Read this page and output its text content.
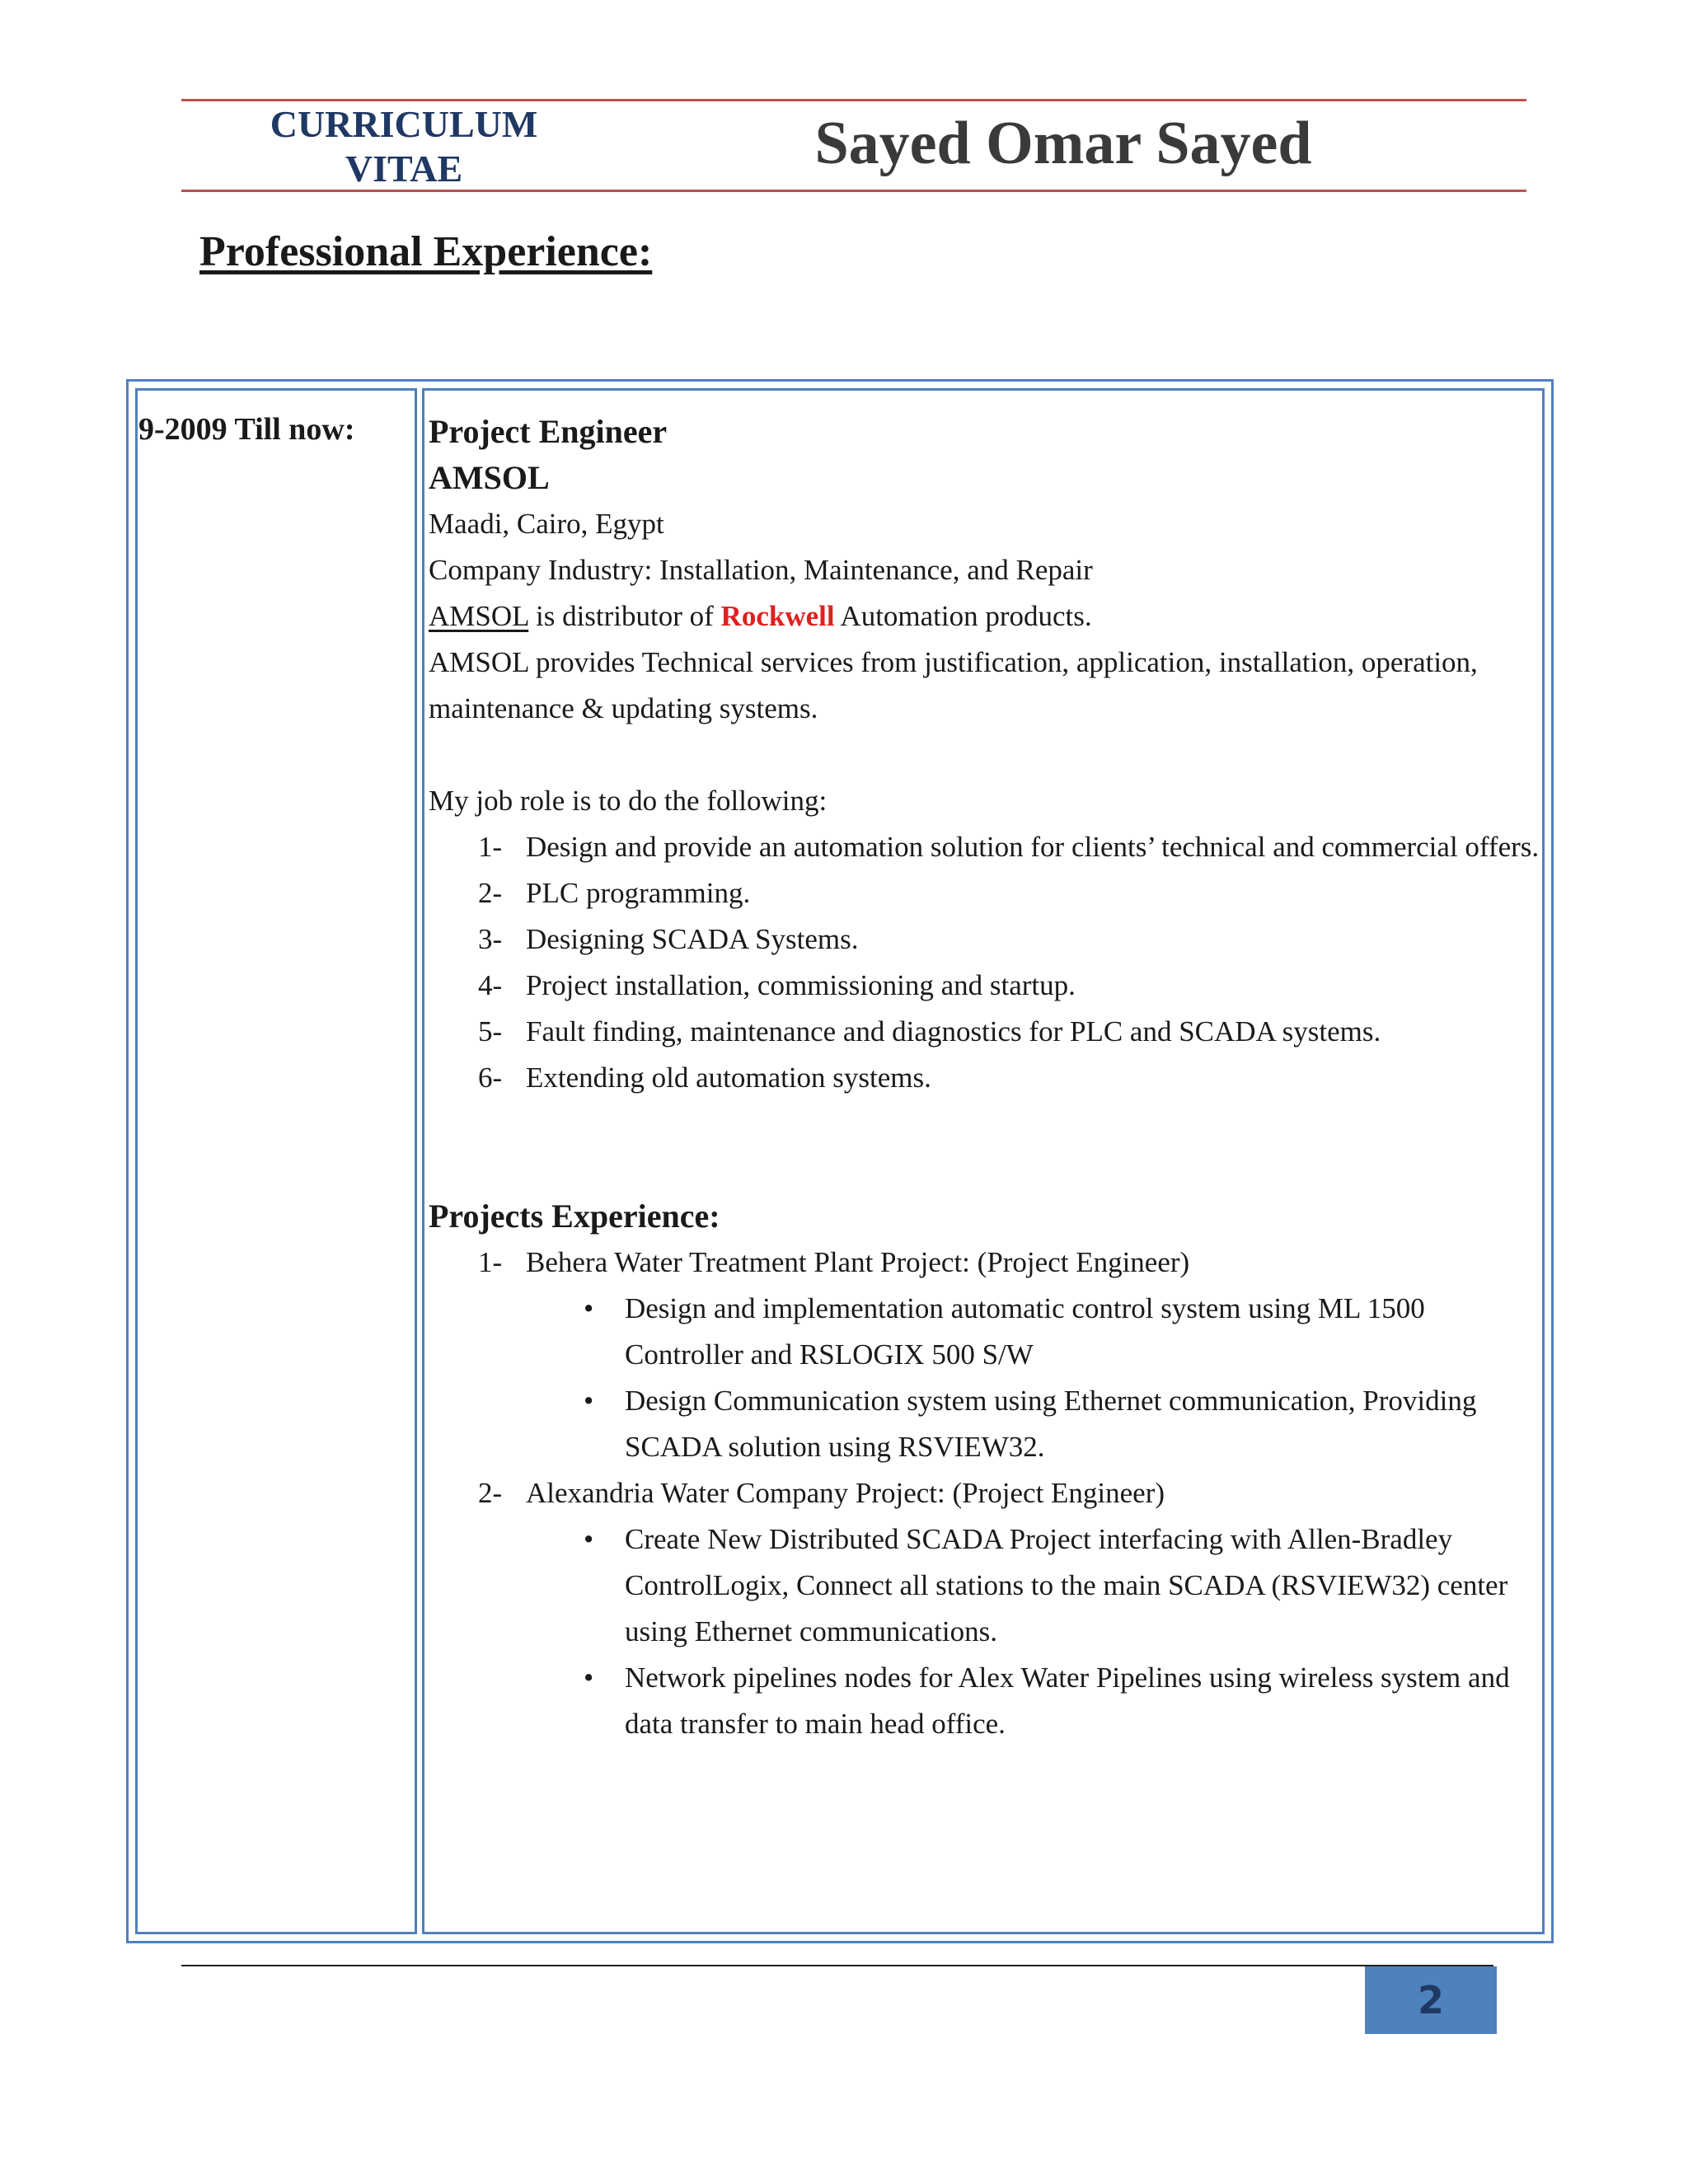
CURRICULUM
VITAE	Sayed Omar Sayed
Professional Experience:
9-2009 Till now: Project Engineer

AMSOL

Maadi, Cairo, Egypt

Company Industry: Installation, Maintenance, and Repair

AMSOL is distributor of Rockwell Automation products.

AMSOL provides Technical services from justification, application, installation, operation,

maintenance & updating systems.

My job role is to do the following:

1- Design and provide an automation solution for clients’ technical and commercial offers.
2- PLC programming.
3- Designing SCADA Systems.
4- Project installation, commissioning and startup.
5- Fault finding, maintenance and diagnostics for PLC and SCADA systems.
6- Extending old automation systems.

Projects Experience:

1- Behera Water Treatment Plant Project: (Project Engineer)
• Design and implementation automatic control system using ML 1500 Controller and RSLOGIX 500 S/W
• Design Communication system using Ethernet communication, Providing SCADA solution using RSVIEW32.
2- Alexandria Water Company Project: (Project Engineer)
• Create New Distributed SCADA Project interfacing with Allen-Bradley ControlLogix, Connect all stations to the main SCADA (RSVIEW32) center using Ethernet communications.
• Network pipelines nodes for Alex Water Pipelines using wireless system and data transfer to main head office.
2
